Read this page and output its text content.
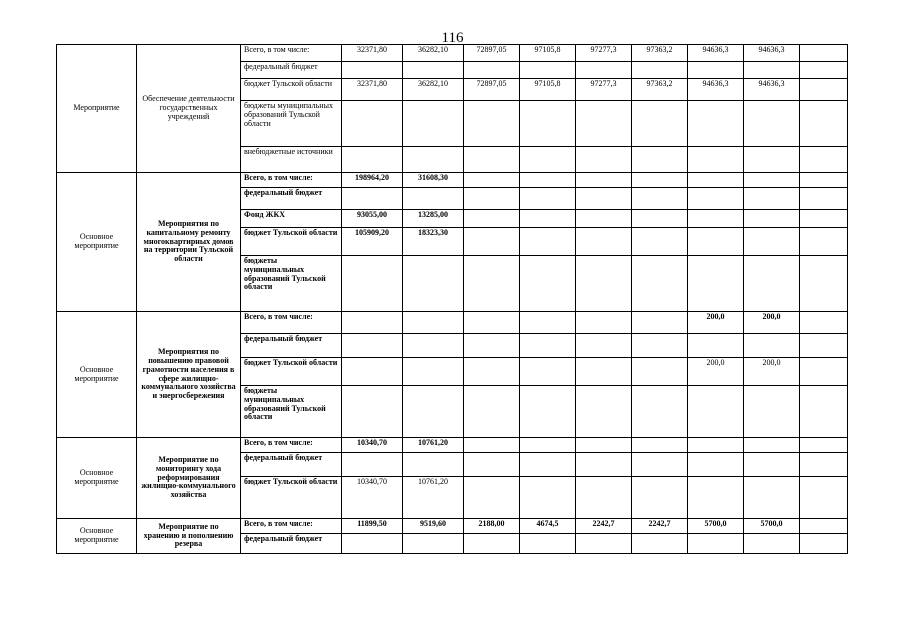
116
Мероприятие	Обеспечение деятельности государственных учреждений	Всего, в том числе:	32371,80	36282,10	72897,05	97105,8	97277,3	97363,2	94636,3	94636,3	
		федеральный бюджет									
		бюджет Тульской области	32371,80	36282,10	72897,05	97105,8	97277,3	97363,2	94636,3	94636,3	
		бюджеты муниципальных образований Тульской области									
		внебюджетные источники									
Основное мероприятие	Мероприятия по капитальному ремонту многоквартирных домов на территории Тульской области	Всего, в том числе:	198964,20	31608,30							
		федеральный бюджет									
		Фонд ЖКХ	93055,00	13285,00							
		бюджет Тульской области	105909,20	18323,30							
		бюджеты муниципальных образований Тульской области									
Основное мероприятие	Мероприятия по повышению правовой грамотности населения в сфере жилищно-коммунального хозяйства и энергосбережения	Всего, в том числе:							200,0	200,0	
		федеральный бюджет									
		бюджет Тульской области							200,0	200,0	
		бюджеты муниципальных образований Тульской области									
Основное мероприятие	Мероприятие по мониторингу хода реформирования жилищно-коммунального хозяйства	Всего, в том числе:	10340,70	10761,20							
		федеральный бюджет									
		бюджет Тульской области	10340,70	10761,20							
Основное мероприятие	Мероприятие по хранению и пополнению резерва	Всего, в том числе:	11899,50	9519,60	2188,00	4674,5	2242,7	2242,7	5700,0	5700,0	
		федеральный бюджет									
